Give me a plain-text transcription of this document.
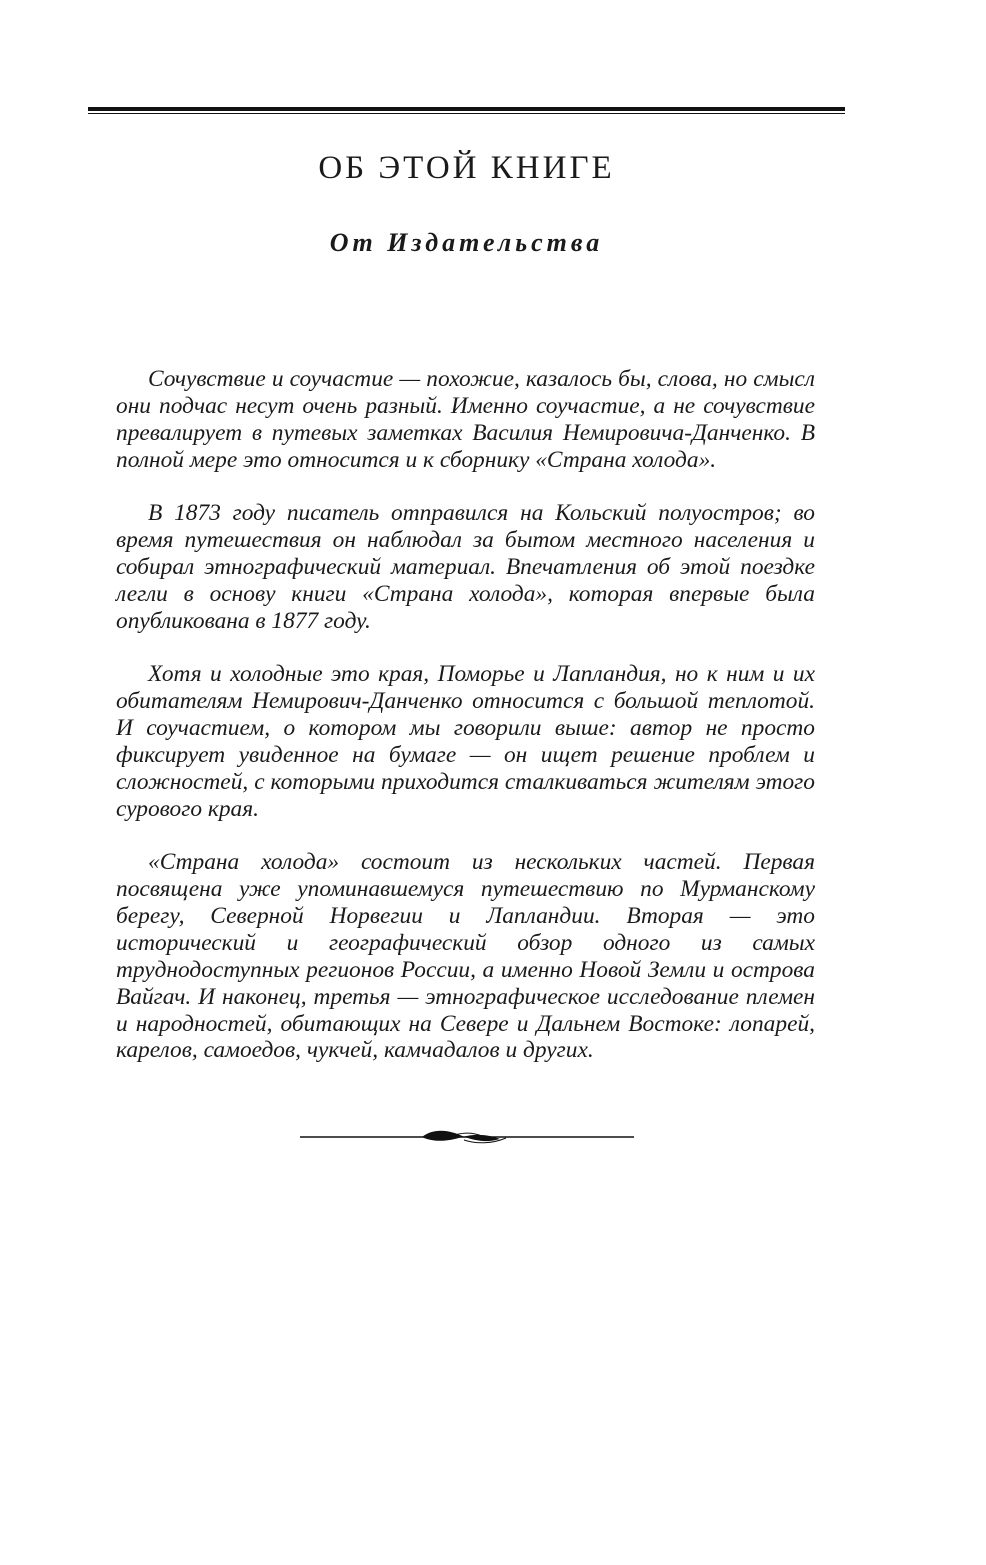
ОБ ЭТОЙ КНИГЕ
От Издательства

Сочувствие и соучастие — похожие, казалось бы, слова, но смысл они подчас несут очень разный. Именно соучастие, а не сочувствие превалирует в путевых заметках Василия Немировича-Данченко. В полной мере это относится и к сборнику «Страна холода».

В 1873 году писатель отправился на Кольский полуостров; во время путешествия он наблюдал за бытом местного населения и собирал этнографический материал. Впечатления об этой поездке легли в основу книги «Страна холода», которая впервые была опубликована в 1877 году.

Хотя и холодные это края, Поморье и Лапландия, но к ним и их обитателям Немирович-Данченко относится с большой теплотой. И соучастием, о котором мы говорили выше: автор не просто фиксирует увиденное на бумаге — он ищет решение проблем и сложностей, с которыми приходится сталкиваться жителям этого сурового края.

«Страна холода» состоит из нескольких частей. Первая посвящена уже упоминавшемуся путешествию по Мурманскому берегу, Северной Норвегии и Лапландии. Вторая — это исторический и географический обзор одного из самых труднодоступных регионов России, а именно Новой Земли и острова Вайгач. И наконец, третья — этнографическое исследование племен и народностей, обитающих на Севере и Дальнем Востоке: лопарей, карелов, самоедов, чукчей, камчадалов и других.
